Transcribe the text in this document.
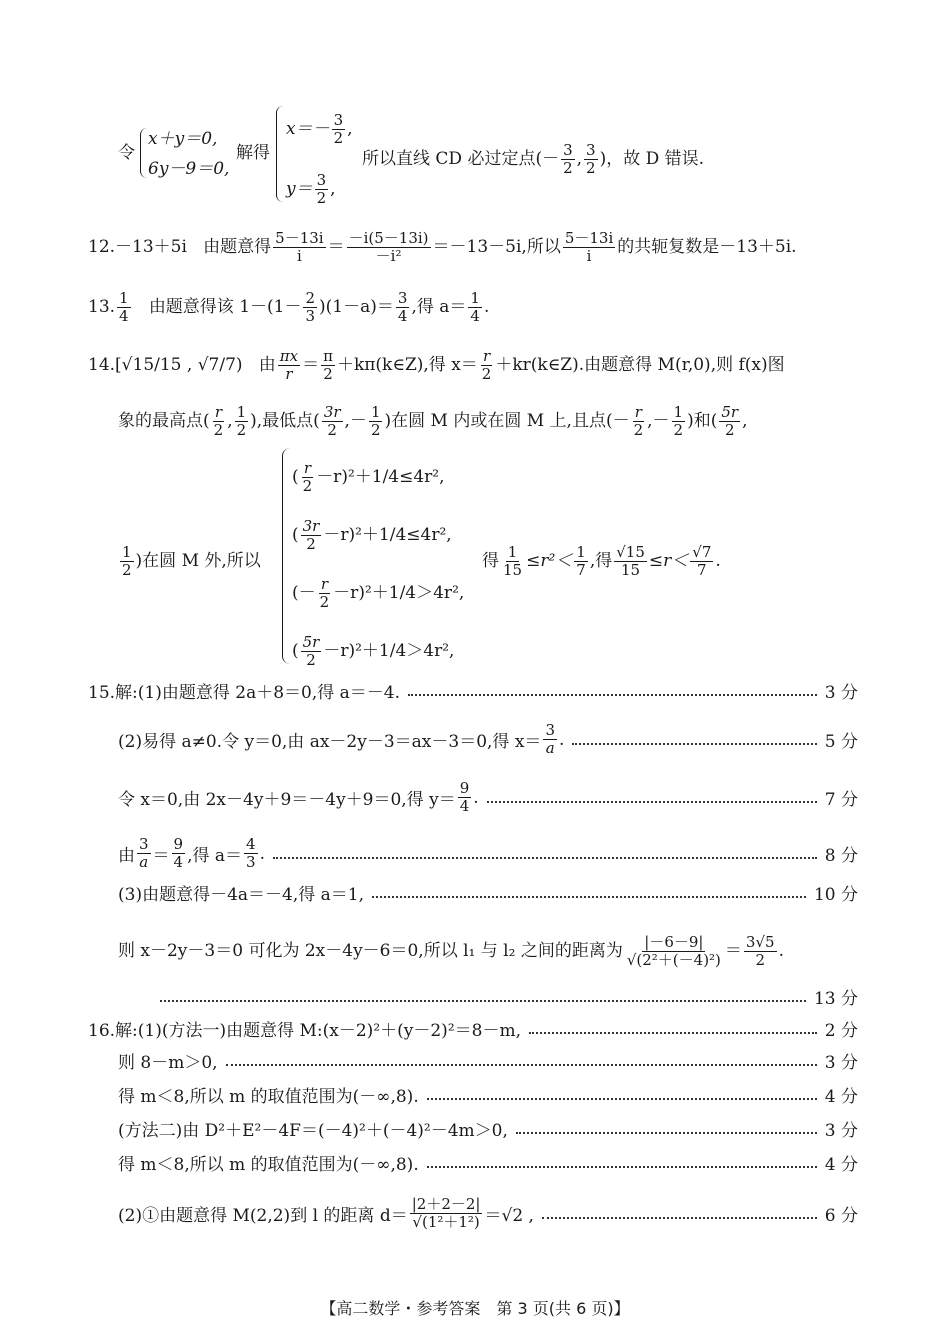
令
x＋y＝0,
6y－9＝0,
解得
$x=- \frac{3}{2}$ ,
$y= \frac{3}{2}$ ,
所以直线 CD 必过定点(－ $\frac{3}{2}$ , $\frac{3}{2}$ )，故 D 错误.
12.－13＋5i 由题意得 $\frac{5-13i}{i} = \frac{-i(5-13i)}{\text{－i²}} =-13-5i$,所以 $\frac{5-13i}{i}$ 的共轭复数是－13＋5i.
13. $\frac{1}{4}$ 由题意得该 $1-(1- \frac{2}{3} )(1-a)= \frac{3}{4}$ ,得 $a= \frac{1}{4}$ .
14.[√15/15 , √7/7) 由 $\frac{\pi x}{r} = \frac{\pi}{2}$ ＋kπ(k∈Z),得 $x= \frac{r}{2}$ ＋kr(k∈Z).由题意得 M(r,0),则 f(x)图
象的最高点( $\frac{r}{2}$ , $\frac{1}{2}$ ),最低点( $\frac{3r}{2}$ ,－ $\frac{1}{2}$ )在圆 M 内或在圆 M 上,且点(－ $\frac{r}{2}$ ,－ $\frac{1}{2}$ )和( $\frac{5r}{2}$ ,
$\frac{1}{2}$ )在圆 M 外,所以
( $\frac{r}{2} -r)^2+1/4\le 4r^2$,
( $\frac{3r}{2} -r)^2+1/4\le 4r^2$,
(－ $\frac{r}{2} -r)^2+1/4>4r^2$,
( $\frac{5r}{2} -r)^2+1/4>4r^2$,
得 $\frac{1}{15} \le r^2< \frac{1}{7}$ ,得 $\frac{√15}{15} \le r< \frac{√7}{7}$ .
15.解:(1)由题意得 2a＋8＝0,得 a＝－4.	3 分
(2)易得 a≠0.令 y＝0,由 ax－2y－3＝ax－3＝0,得 $x= \frac{3}{a}$ .	5 分
令 x＝0,由 2x－4y＋9＝－4y＋9＝0,得 $y= \frac{9}{4}$ .	7 分
由 $\frac{3}{a} = \frac{9}{4}$ ,得 $a= \frac{4}{3}$ .	8 分
(3)由题意得－4a＝－4,得 a＝1,	10 分
则 x－2y－3＝0 可化为 2x－4y－6＝0,所以 l₁ 与 l₂ 之间的距离为 $\frac{|-6-9|}{\text{√(2²＋(－4)²)}} = \frac{3√5}{2}$ .
13 分
16.解:(1)(方法一)由题意得 M:(x－2)²＋(y－2)²＝8－m,	2 分
则 8－m＞0,	3 分
得 m＜8,所以 m 的取值范围为(－∞,8).	4 分
(方法二)由 D²＋E²－4F＝(－4)²＋(－4)²－4m＞0,	3 分
得 m＜8,所以 m 的取值范围为(－∞,8).	4 分
(2)①由题意得 M(2,2)到 l 的距离 $d= \frac{|2+2-2|}{\text{√(1²＋1²)}} =√2$ ,	6 分
【高二数学・参考答案　第 3 页(共 6 页)】
